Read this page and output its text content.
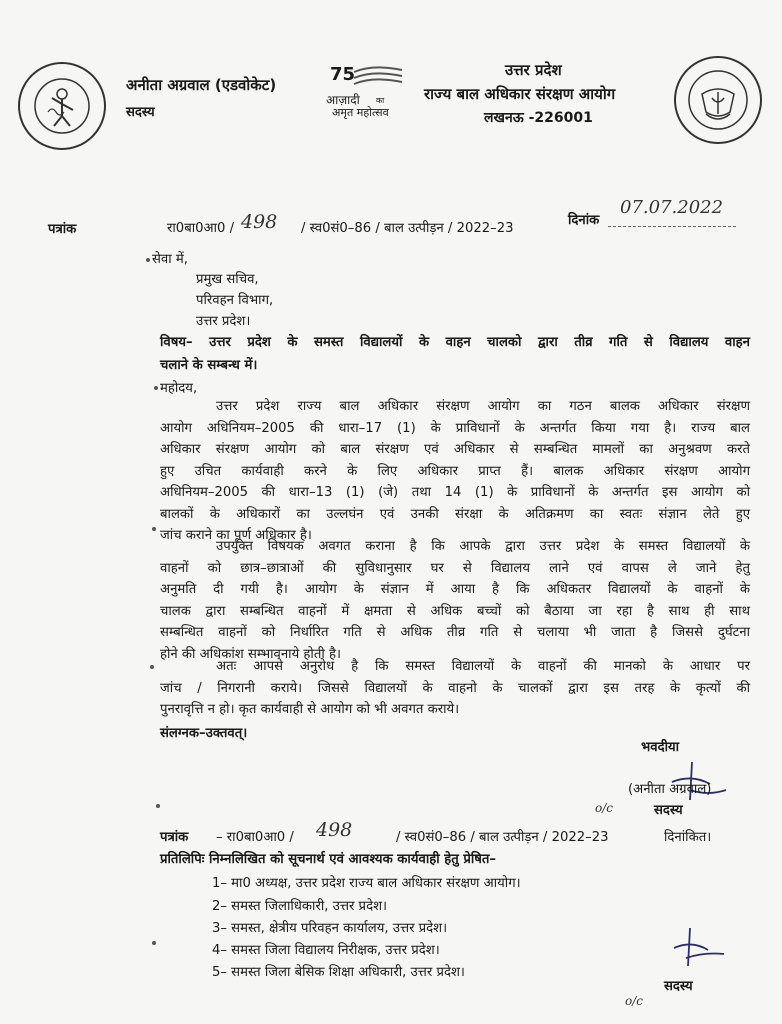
अनीता अग्रवाल (एडवोकेट)
सदस्य
75
आज़ादी का
अमृत महोत्सव
उत्तर प्रदेश
राज्य बाल अधिकार संरक्षण आयोग
लखनऊ -226001
पत्रांक	रा0बा0आ0 / 498 / स्व0सं0–86 / बाल उत्पीड़न / 2022–23
दिनांक
07.07.2022
सेवा में,
प्रमुख सचिव,
परिवहन विभाग,
उत्तर प्रदेश।
विषय– उत्तर प्रदेश के समस्त विद्यालयों के वाहन चालको द्वारा तीव्र गति से विद्यालय वाहन
चलाने के सम्बन्ध में।
महोदय,
उत्तर प्रदेश राज्य बाल अधिकार संरक्षण आयोग का गठन बालक अधिकार संरक्षण
आयोग अधिनियम–2005 की धारा–17 (1) के प्राविधानों के अन्तर्गत किया गया है। राज्य बाल
अधिकार संरक्षण आयोग को बाल संरक्षण एवं अधिकार से सम्बन्धित मामलों का अनुश्रवण करते
हुए उचित कार्यवाही करने के लिए अधिकार प्राप्त हैं। बालक अधिकार संरक्षण आयोग
अधिनियम–2005 की धारा–13 (1) (जे) तथा 14 (1) के प्राविधानों के अन्तर्गत इस आयोग को
बालकों के अधिकारों का उल्लघंन एवं उनकी संरक्षा के अतिक्रमण का स्वतः संज्ञान लेते हुए
जांच कराने का पूर्ण अधिकार है।
उपर्युक्त विषयक अवगत कराना है कि आपके द्वारा उत्तर प्रदेश के समस्त विद्यालयों के
वाहनों को छात्र–छात्राओं की सुविधानुसार घर से विद्यालय लाने एवं वापस ले जाने हेतु
अनुमति दी गयी है। आयोग के संज्ञान में आया है कि अधिकतर विद्यालयों के वाहनों के
चालक द्वारा सम्बन्धित वाहनों में क्षमता से अधिक बच्चों को बैठाया जा रहा है साथ ही साथ
सम्बन्धित वाहनों को निर्धारित गति से अधिक तीव्र गति से चलाया भी जाता है जिससे दुर्घटना
होने की अधिकांश सम्भावनाये होती है।
अतः आपसे अनुरोध है कि समस्त विद्यालयों के वाहनों की मानको के आधार पर
जांच / निगरानी कराये। जिससे विद्यालयों के वाहनो के चालकों द्वारा इस तरह के कृत्यों की
पुनरावृत्ति न हो। कृत कार्यवाही से आयोग को भी अवगत कराये।
संलग्नक–उक्तवत्।
भवदीया
(अनीता अग्रवाल)
सदस्य
o/c
पत्रांक – रा0बा0आ0 / 498	/ स्व0सं0–86 / बाल उत्पीड़न / 2022–23	दिनांकित।
प्रतिलिपिः निम्नलिखित को सूचनार्थ एवं आवश्यक कार्यवाही हेतु प्रेषित–
1– मा0 अध्यक्ष, उत्तर प्रदेश राज्य बाल अधिकार संरक्षण आयोग।
2– समस्त जिलाधिकारी, उत्तर प्रदेश।
3– समस्त, क्षेत्रीय परिवहन कार्यालय, उत्तर प्रदेश।
4– समस्त जिला विद्यालय निरीक्षक, उत्तर प्रदेश।
5– समस्त जिला बेसिक शिक्षा अधिकारी, उत्तर प्रदेश।
सदस्य
o/c
